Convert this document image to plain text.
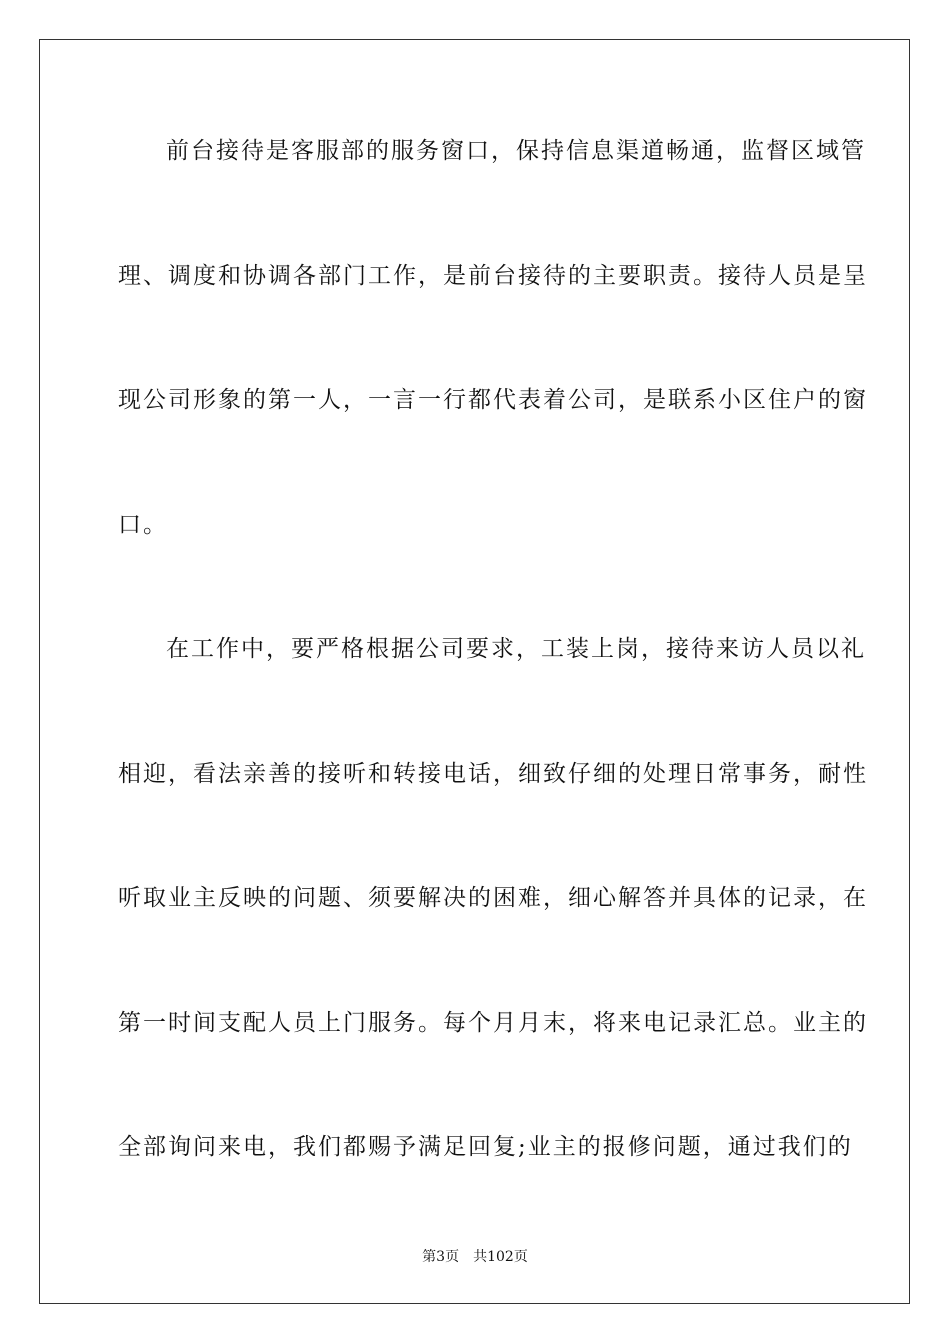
前台接待是客服部的服务窗口，保持信息渠道畅通，监督区域管
理、调度和协调各部门工作，是前台接待的主要职责。接待人员是呈
现公司形象的第一人，一言一行都代表着公司，是联系小区住户的窗
口。
在工作中，要严格根据公司要求，工装上岗，接待来访人员以礼
相迎，看法亲善的接听和转接电话，细致仔细的处理日常事务，耐性
听取业主反映的问题、须要解决的困难，细心解答并具体的记录，在
第一时间支配人员上门服务。每个月月末，将来电记录汇总。业主的
全部询问来电，我们都赐予满足回复;业主的报修问题，通过我们的
第3页 共102页
